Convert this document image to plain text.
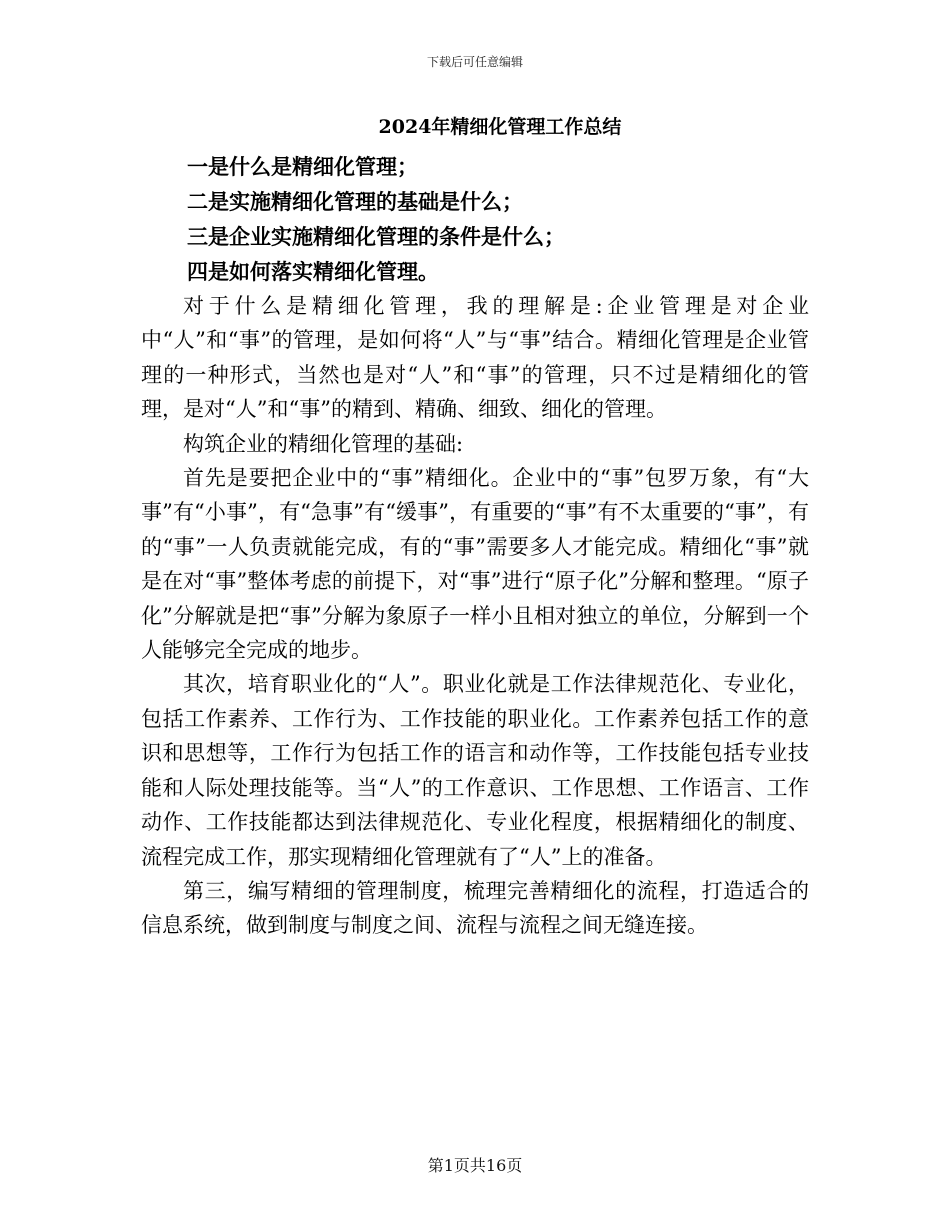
下载后可任意编辑
2024年精细化管理工作总结
一是什么是精细化管理；
二是实施精细化管理的基础是什么；
三是企业实施精细化管理的条件是什么；
四是如何落实精细化管理。

对于什么是精细化管理，我的理解是:企业管理是对企业中“人”和“事”的管理，是如何将“人”与“事”结合。精细化管理是企业管理的一种形式，当然也是对“人”和“事”的管理，只不过是精细化的管理，是对“人”和“事”的精到、精确、细致、细化的管理。

构筑企业的精细化管理的基础:

首先是要把企业中的“事”精细化。企业中的“事”包罗万象，有“大事”有“小事”，有“急事”有“缓事”，有重要的“事”有不太重要的“事”，有的“事”一人负责就能完成，有的“事”需要多人才能完成。精细化“事”就是在对“事”整体考虑的前提下，对“事”进行“原子化”分解和整理。“原子化”分解就是把“事”分解为象原子一样小且相对独立的单位，分解到一个人能够完全完成的地步。

其次，培育职业化的“人”。职业化就是工作法律规范化、专业化，包括工作素养、工作行为、工作技能的职业化。工作素养包括工作的意识和思想等，工作行为包括工作的语言和动作等，工作技能包括专业技能和人际处理技能等。当“人”的工作意识、工作思想、工作语言、工作动作、工作技能都达到法律规范化、专业化程度，根据精细化的制度、流程完成工作，那实现精细化管理就有了“人”上的准备。

第三，编写精细的管理制度，梳理完善精细化的流程，打造适合的信息系统，做到制度与制度之间、流程与流程之间无缝连接。

第1页共16页
